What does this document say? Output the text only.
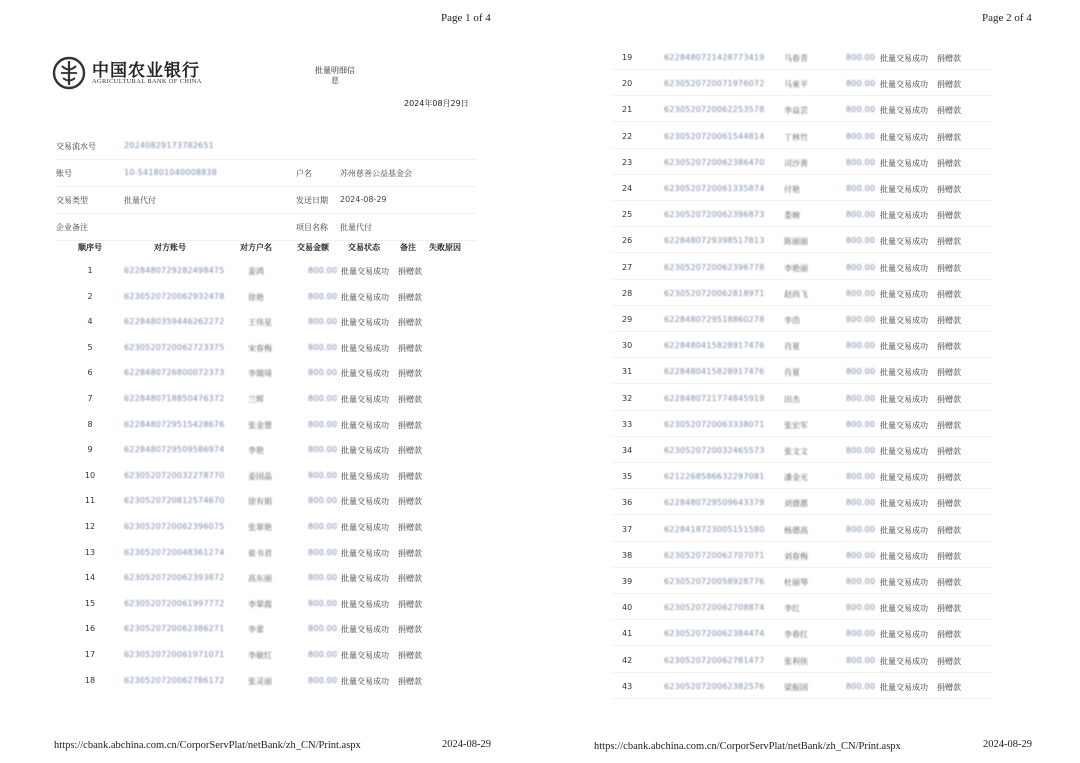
Page 1 of 4	Page 2 of 4
中国农业银行
AGRICULTURAL BANK OF CHINA
批量明细信
息
2024年08月29日
交易流水号	20240829173782651
账号	10-541801040008838	户名	苏州慈善公益基金会
交易类型	批量代付	发送日期 2024-08-29
企业备注	项目名称 批量代付
顺序号	对方账号	对方户名	交易金额 交易状态	备注 失败原因
1	6228480729282498475	姜鸿	800.00 批量交易成功 捐赠款
2	6230520720062932478	徐艳	800.00 批量交易成功 捐赠款
4	6228480359446262272	王伟星	800.00 批量交易成功 捐赠款
5	6230520720062723375	宋春梅	800.00 批量交易成功 捐赠款
6	6228480726800072373	李瑞琦	800.00 批量交易成功 捐赠款
7	6228480718850476372	兰辉	800.00 批量交易成功 捐赠款
8	6228480729515428676	张金慧	800.00 批量交易成功 捐赠款
9	6228480729509586974	李艳	800.00 批量交易成功 捐赠款
10	6230520720032278770	姜国晶	800.00 批量交易成功 捐赠款
11	6230520720812574670	徐有娟	800.00 批量交易成功 捐赠款
12	6230520720062396075	张翠艳	800.00 批量交易成功 捐赠款
13	6230520720048361274	崔书君	800.00 批量交易成功 捐赠款
14	6230520720062393872	高东丽	800.00 批量交易成功 捐赠款
15	6230520720061997772	李翠霞	800.00 批量交易成功 捐赠款
16	6230520720062386271	李蕾	800.00 批量交易成功 捐赠款
17	6230520720061971071	李敏红	800.00 批量交易成功 捐赠款
18	6230520720062786172	张灵丽	800.00 批量交易成功 捐赠款
19	6228480721428773419 马春青	800.00 批量交易成功 捐赠款
20	6230520720071976072 马東平	800.00 批量交易成功 捐赠款
21	6230520720062253578 李益芸	800.00 批量交易成功 捐赠款
22	6230520720061544814 丁林竹	800.00 批量交易成功 捐赠款
23	6230520720062386470 司沙善	800.00 批量交易成功 捐赠款
24	6230520720061335874 付艳	800.00 批量交易成功 捐赠款
25	6230520720062396873 娄婉	800.00 批量交易成功 捐赠款
26	6228480729398517813 陈丽丽	800.00 批量交易成功 捐赠款
27	6230520720062396778 李艳丽	800.00 批量交易成功 捐赠款
28	6230520720062818971 赵尚飞	800.00 批量交易成功 捐赠款
29	6228480729518860278 李浩	800.00 批量交易成功 捐赠款
30	6228480415828917476 肖夏	800.00 批量交易成功 捐赠款
31	6228480415828917476 肖夏	800.00 批量交易成功 捐赠款
32	6228480721774845919 田杰	800.00 批量交易成功 捐赠款
33	6230520720063338071 张宏军	800.00 批量交易成功 捐赠款
34	6230520720032465573 张文文	800.00 批量交易成功 捐赠款
35	6212268586632297081 潘金光	800.00 批量交易成功 捐赠款
36	6228480729509643379 刘德惠	800.00 批量交易成功 捐赠款
37	6228418723005151580 杨德高	800.00 批量交易成功 捐赠款
38	6230520720062707071 刘春梅	800.00 批量交易成功 捐赠款
39	6230520720058928776 杜丽琴	800.00 批量交易成功 捐赠款
40	6230520720062708874 李红	800.00 批量交易成功 捐赠款
41	6230520720062384474 李春红	800.00 批量交易成功 捐赠款
42	6230520720062781477 张利侠	800.00 批量交易成功 捐赠款
43	6230520720062382576 梁振国	800.00 批量交易成功 捐赠款
https://cbank.abchina.com.cn/CorporServPlat/netBank/zh_CN/Print.aspx	2024-08-29	https://cbank.abchina.com.cn/CorporServPlat/netBank/zh_CN/Print.aspx	2024-08-29
